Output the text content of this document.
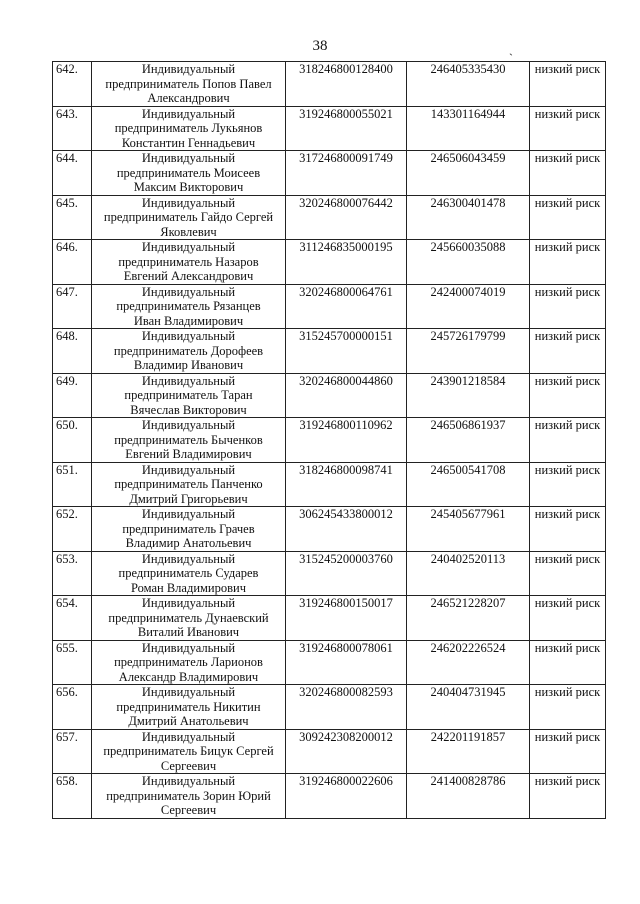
38	ˏ
642.	Индивидуальный
предприниматель Попов Павел
Александрович	318246800128400	246405335430	низкий риск
643.	Индивидуальный
предприниматель Лукьянов
Константин Геннадьевич	319246800055021	143301164944	низкий риск
644.	Индивидуальный
предприниматель Моисеев
Максим Викторович	317246800091749	246506043459	низкий риск
645.	Индивидуальный
предприниматель Гайдо Сергей
Яковлевич	320246800076442	246300401478	низкий риск
646.	Индивидуальный
предприниматель Назаров
Евгений Александрович	311246835000195	245660035088	низкий риск
647.	Индивидуальный
предприниматель Рязанцев
Иван Владимирович	320246800064761	242400074019	низкий риск
648.	Индивидуальный
предприниматель Дорофеев
Владимир Иванович	315245700000151	245726179799	низкий риск
649.	Индивидуальный
предприниматель Таран
Вячеслав Викторович	320246800044860	243901218584	низкий риск
650.	Индивидуальный
предприниматель Быченков
Евгений Владимирович	319246800110962	246506861937	низкий риск
651.	Индивидуальный
предприниматель Панченко
Дмитрий Григорьевич	318246800098741	246500541708	низкий риск
652.	Индивидуальный
предприниматель Грачев
Владимир Анатольевич	306245433800012	245405677961	низкий риск
653.	Индивидуальный
предприниматель Сударев
Роман Владимирович	315245200003760	240402520113	низкий риск
654.	Индивидуальный
предприниматель Дунаевский
Виталий Иванович	319246800150017	246521228207	низкий риск
655.	Индивидуальный
предприниматель Ларионов
Александр Владимирович	319246800078061	246202226524	низкий риск
656.	Индивидуальный
предприниматель Никитин
Дмитрий Анатольевич	320246800082593	240404731945	низкий риск
657.	Индивидуальный
предприниматель Бицук Сергей
Сергеевич	309242308200012	242201191857	низкий риск
658.	Индивидуальный
предприниматель Зорин Юрий
Сергеевич	319246800022606	241400828786	низкий риск
